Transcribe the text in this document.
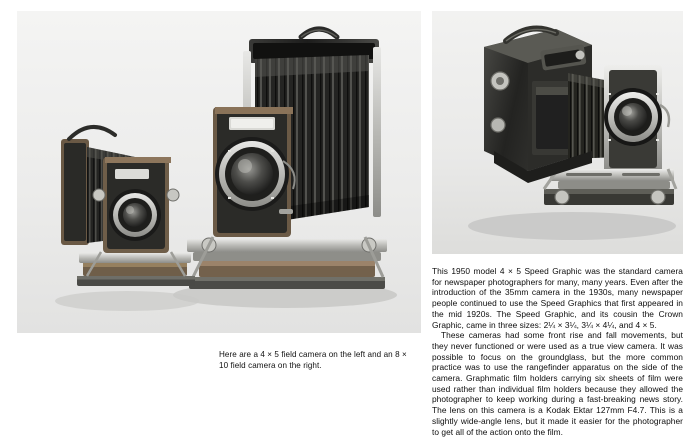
Here are a 4 × 5 field camera on the left and an 8 × 10 field camera on the right.

This 1950 model 4 × 5 Speed Graphic was the standard camera for newspaper photographers for many, many years. Even after the introduction of the 35mm camera in the 1930s, many newspaper people continued to use the Speed Graphics that first appeared in the mid 1920s. The Speed Graphic, and its cousin the Crown Graphic, came in three sizes: 2¼ × 3¼, 3¼ × 4¼, and 4 × 5.

These cameras had some front rise and fall movements, but they never functioned or were used as a true view camera. It was possible to focus on the groundglass, but the more common practice was to use the rangefinder apparatus on the side of the camera. Graphmatic film holders carrying six sheets of film were used rather than individual film holders because they allowed the photographer to keep working during a fast-breaking news story. The lens on this camera is a Kodak Ektar 127mm F4.7. This is a slightly wide-angle lens, but it made it easier for the photographer to get all of the action onto the film.
